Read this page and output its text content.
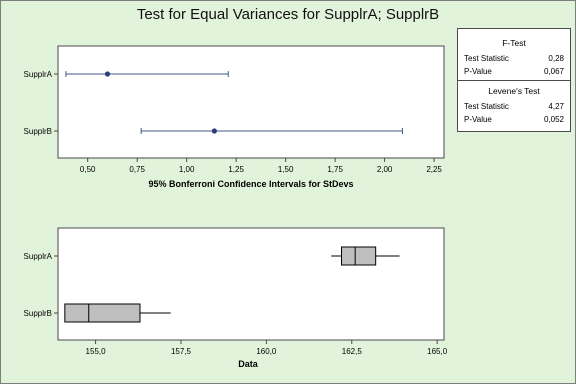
Test for Equal Variances for SupplrA; SupplrB
0,50	0,75	1,00	1,25	1,50	1,75	2,00	2,25
SupplrA
SupplrB
95% Bonferroni Confidence Intervals for StDevs
155,0	157,5	160,0	162,5	165,0
SupplrA
SupplrB
Data
F-Test
Test Statistic	0,28
P-Value	0,067
Levene's Test
Test Statistic	4,27
P-Value	0,052
